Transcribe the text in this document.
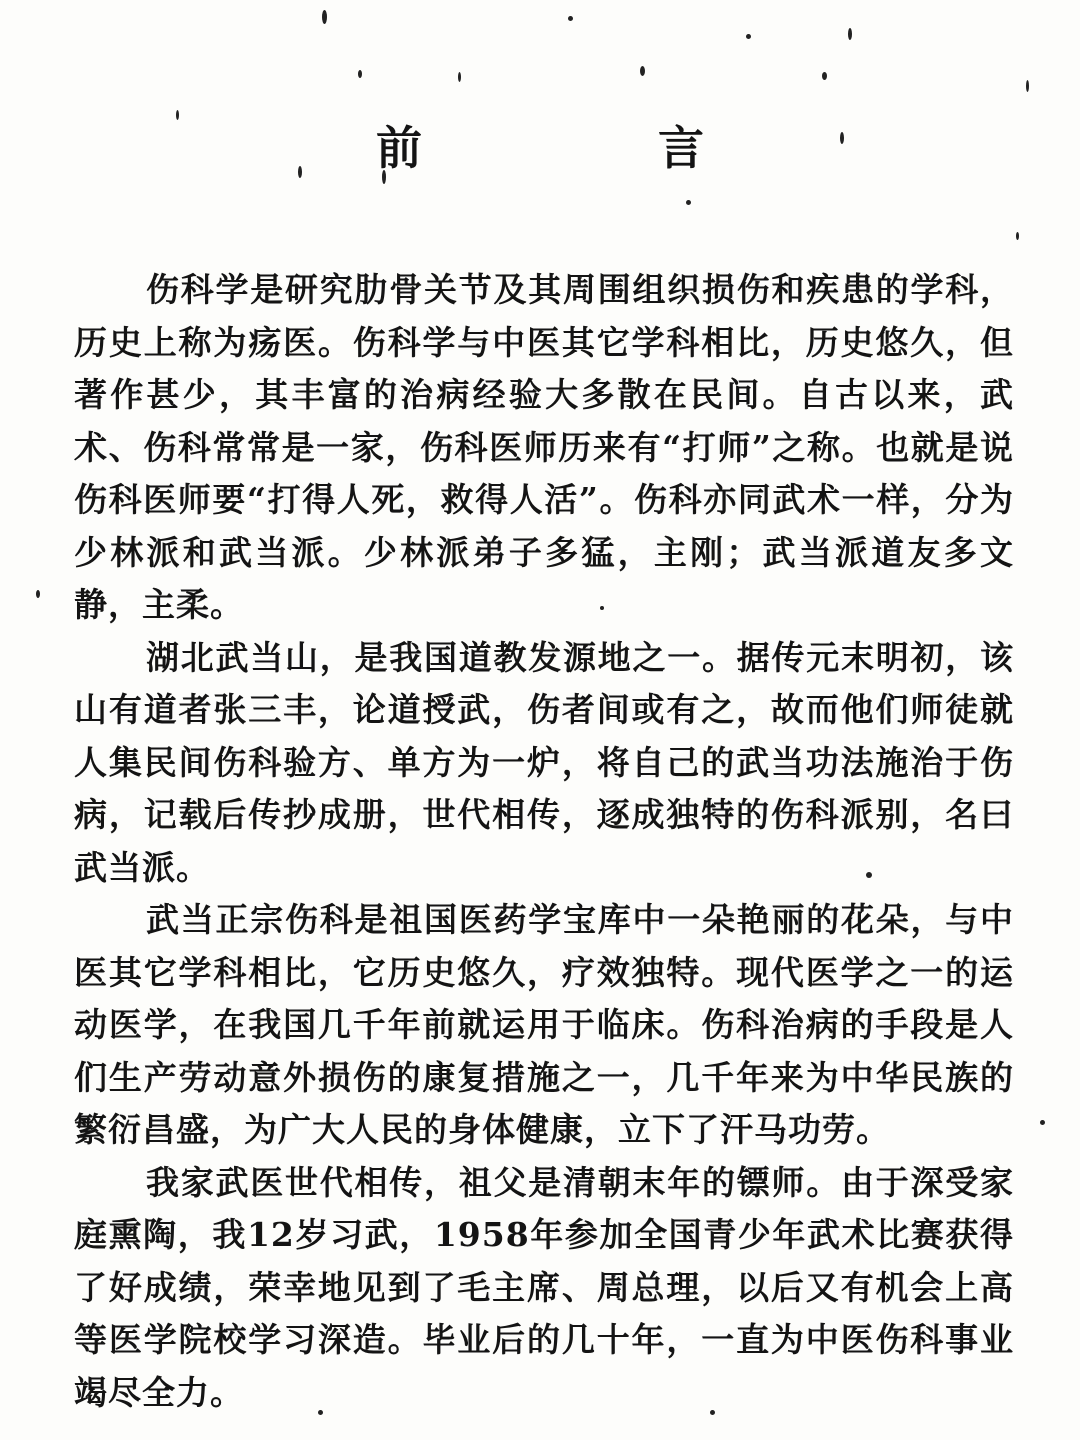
前 言

伤科学是研究肋骨关节及其周围组织损伤和疾患的学科，历史上称为疡医。伤科学与中医其它学科相比，历史悠久，但著作甚少，其丰富的治病经验大多散在民间。自古以来，武术、伤科常常是一家，伤科医师历来有“打师”之称。也就是说伤科医师要“打得人死，救得人活”。伤科亦同武术一样，分为少林派和武当派。少林派弟子多猛，主刚；武当派道友多文静，主柔。

湖北武当山，是我国道教发源地之一。据传元末明初，该山有道者张三丰，论道授武，伤者间或有之，故而他们师徒就人集民间伤科验方、单方为一炉，将自己的武当功法施治于伤病，记载后传抄成册，世代相传，逐成独特的伤科派别，名曰武当派。

武当正宗伤科是祖国医药学宝库中一朵艳丽的花朵，与中医其它学科相比，它历史悠久，疗效独特。现代医学之一的运动医学，在我国几千年前就运用于临床。伤科治病的手段是人们生产劳动意外损伤的康复措施之一，几千年来为中华民族的繁衍昌盛，为广大人民的身体健康，立下了汗马功劳。

我家武医世代相传，祖父是清朝末年的镖师。由于深受家庭熏陶，我12岁习武，1958年参加全国青少年武术比赛获得了好成绩，荣幸地见到了毛主席、周总理，以后又有机会上高等医学院校学习深造。毕业后的几十年，一直为中医伤科事业竭尽全力。
